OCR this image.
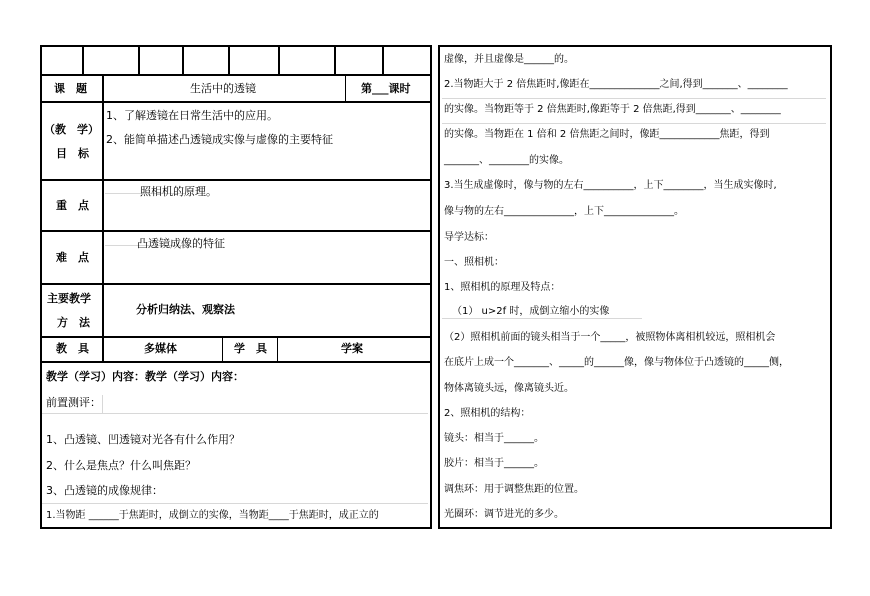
课　题	生活中的透镜	第___课时
（教　学）
目　标
1、了解透镜在日常生活中的应用。
2、能简单描述凸透镜成实像与虚像的主要特征
重　点
照相机的原理。
难　点
凸透镜成像的特征
主要教学
方　法
分析归纳法、观察法
教　具	多媒体	学　具	学案
教学（学习）内容：教学（学习）内容：
前置测评：
1、凸透镜、凹透镜对光各有什么作用？
2、什么是焦点？什么叫焦距？
3、凸透镜的成像规律：
1.当物距 ______于焦距时，成倒立的实像，当物距____于焦距时，成正立的
虚像，并且虚像是______的。
2.当物距大于 2 倍焦距时,像距在______________之间,得到_______、________
的实像。当物距等于 2 倍焦距时,像距等于 2 倍焦距,得到_______、________
的实像。当物距在 1 倍和 2 倍焦距之间时，像距____________焦距，得到
_______、________的实像。
3.当生成虚像时，像与物的左右__________，上下________，当生成实像时,
像与物的左右______________，上下______________。
导学达标：
一、照相机：
1、照相机的原理及特点：
（1） u>2f 时，成倒立缩小的实像
（2）照相机前面的镜头相当于一个_____，被照物体离相机较远，照相机会
在底片上成一个_______、_____的______像，像与物体位于凸透镜的_____侧，
物体离镜头远，像离镜头近。
2、照相机的结构：
镜头：相当于______。
胶片：相当于______。
调焦环：用于调整焦距的位置。
光圈环：调节进光的多少。
